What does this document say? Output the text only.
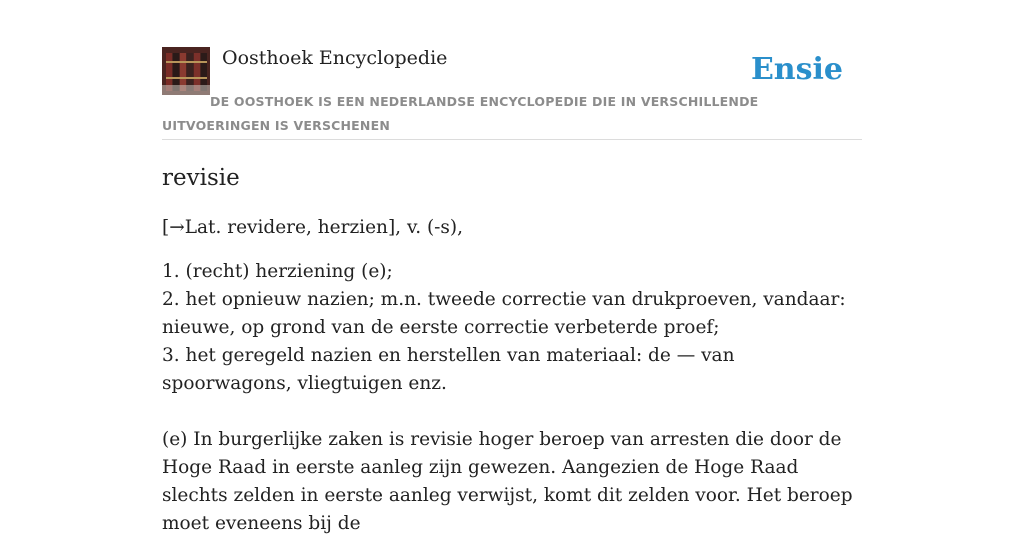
Oosthoek Encyclopedie	Ensie
DE OOSTHOEK IS EEN NEDERLANDSE ENCYCLOPEDIE DIE IN VERSCHILLENDE UITVOERINGEN IS VERSCHENEN
revisie

[→Lat. revidere, herzien], v. (-s),

1. (recht) herziening (e);
2. het opnieuw nazien; m.n. tweede correctie van drukproeven, vandaar: nieuwe, op grond van de eerste correctie verbeterde proef;
3. het geregeld nazien en herstellen van materiaal: de — van spoorwagons, vliegtuigen enz.

(e) In burgerlijke zaken is revisie hoger beroep van arresten die door de Hoge Raad in eerste aanleg zijn gewezen. Aangezien de Hoge Raad slechts zelden in eerste aanleg verwijst, komt dit zelden voor. Het beroep moet eveneens bij de
